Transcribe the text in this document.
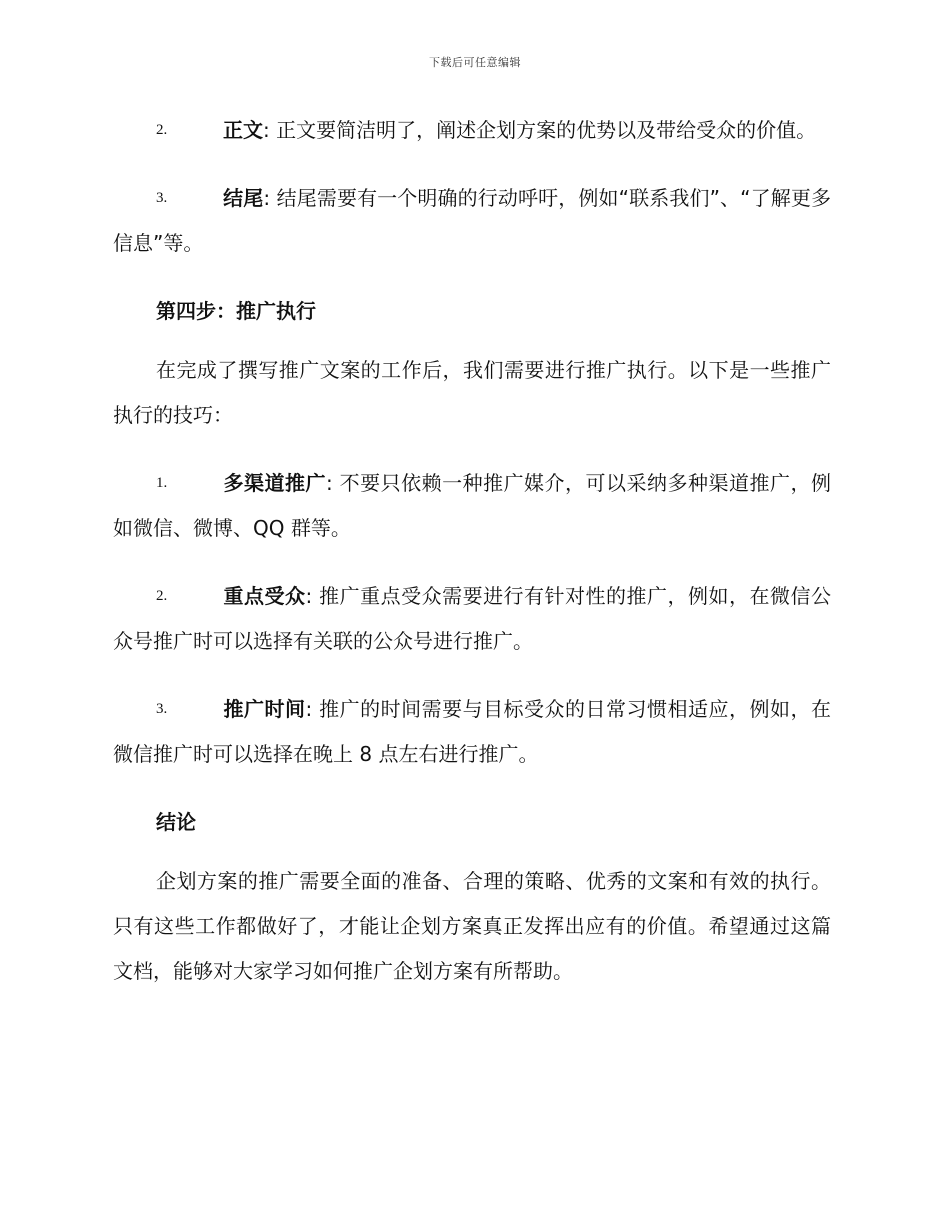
下载后可任意编辑

2.	正文: 正文要简洁明了，阐述企划方案的优势以及带给受众的价值。

3.	结尾: 结尾需要有一个明确的行动呼吁，例如“联系我们”、“了解更多信息”等。

第四步：推广执行

在完成了撰写推广文案的工作后，我们需要进行推广执行。以下是一些推广执行的技巧：

1.	多渠道推广: 不要只依赖一种推广媒介，可以采纳多种渠道推广，例如微信、微博、QQ 群等。

2.	重点受众: 推广重点受众需要进行有针对性的推广，例如，在微信公众号推广时可以选择有关联的公众号进行推广。

3.	推广时间: 推广的时间需要与目标受众的日常习惯相适应，例如，在微信推广时可以选择在晚上 8 点左右进行推广。

结论

企划方案的推广需要全面的准备、合理的策略、优秀的文案和有效的执行。只有这些工作都做好了，才能让企划方案真正发挥出应有的价值。希望通过这篇文档，能够对大家学习如何推广企划方案有所帮助。
